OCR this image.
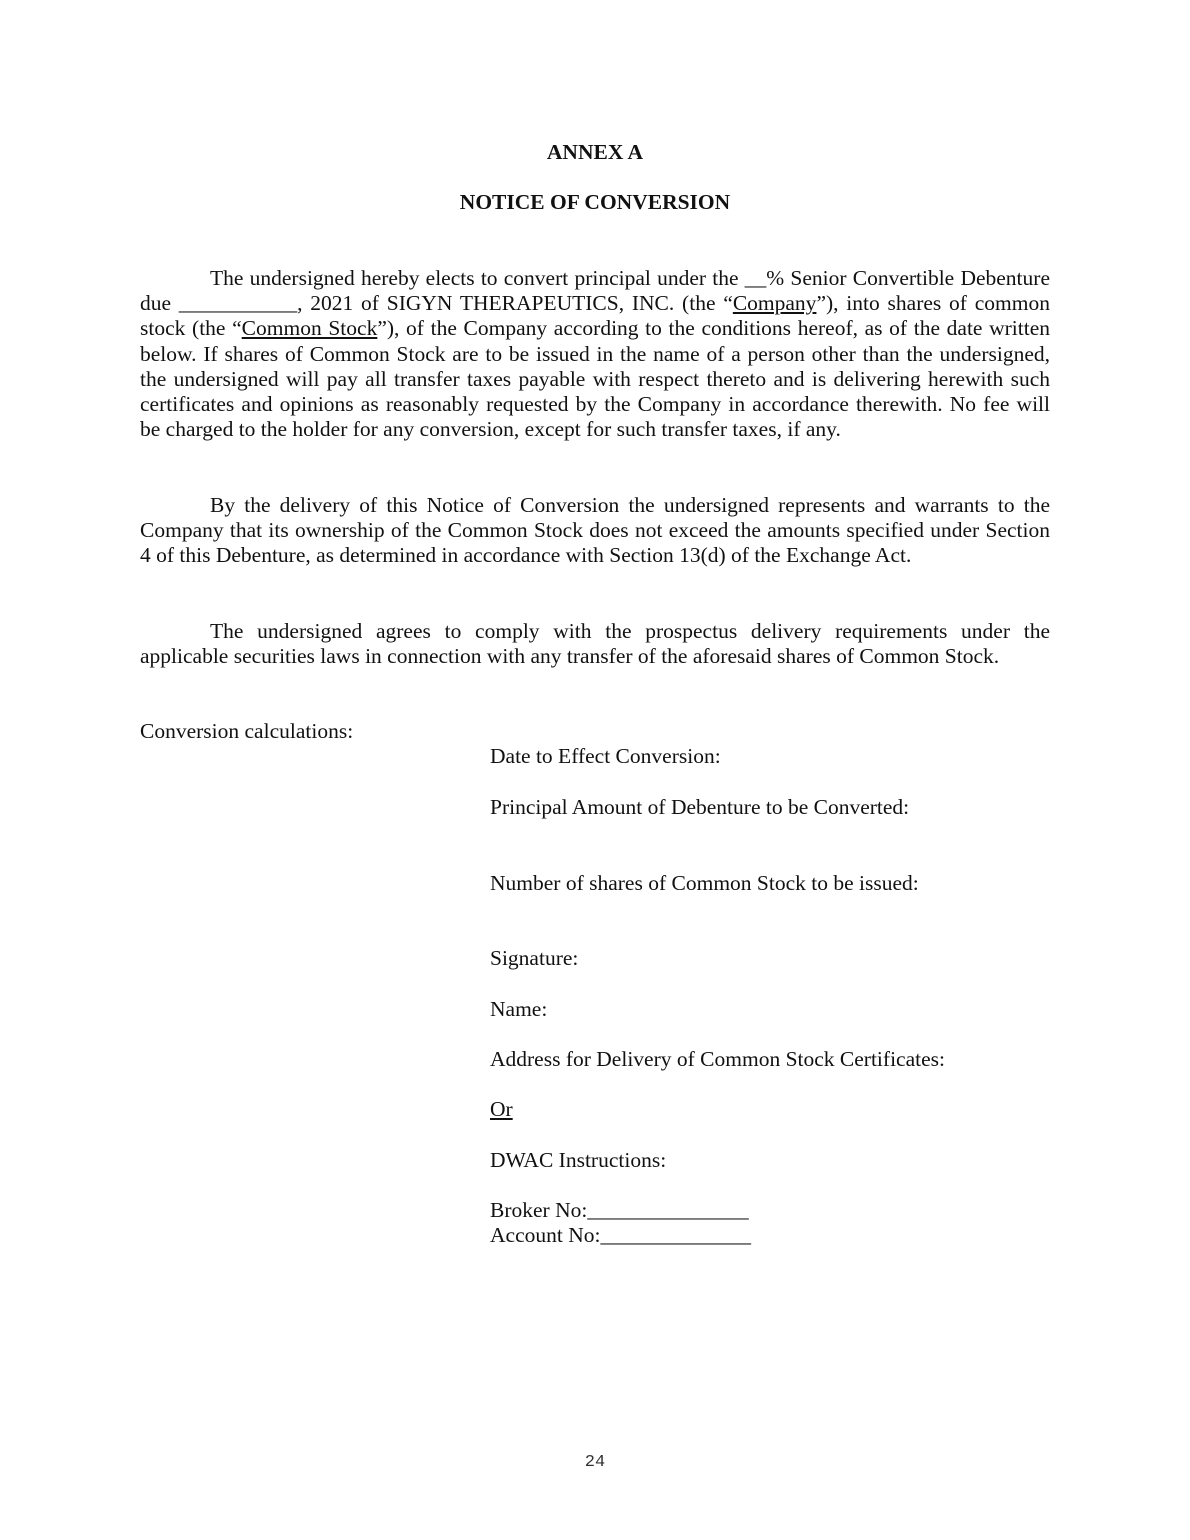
ANNEX A
NOTICE OF CONVERSION

The undersigned hereby elects to convert principal under the __% Senior Convertible Debenture due ___________, 2021 of SIGYN THERAPEUTICS, INC. (the “Company”), into shares of common stock (the “Common Stock”), of the Company according to the conditions hereof, as of the date written below. If shares of Common Stock are to be issued in the name of a person other than the undersigned, the undersigned will pay all transfer taxes payable with respect thereto and is delivering herewith such certificates and opinions as reasonably requested by the Company in accordance therewith. No fee will be charged to the holder for any conversion, except for such transfer taxes, if any.

By the delivery of this Notice of Conversion the undersigned represents and warrants to the Company that its ownership of the Common Stock does not exceed the amounts specified under Section 4 of this Debenture, as determined in accordance with Section 13(d) of the Exchange Act.

The undersigned agrees to comply with the prospectus delivery requirements under the applicable securities laws in connection with any transfer of the aforesaid shares of Common Stock.

Conversion calculations:
Date to Effect Conversion:
Principal Amount of Debenture to be Converted:
Number of shares of Common Stock to be issued:
Signature:
Name:
Address for Delivery of Common Stock Certificates:
Or
DWAC Instructions:
Broker No:_______________
Account No:______________
24
